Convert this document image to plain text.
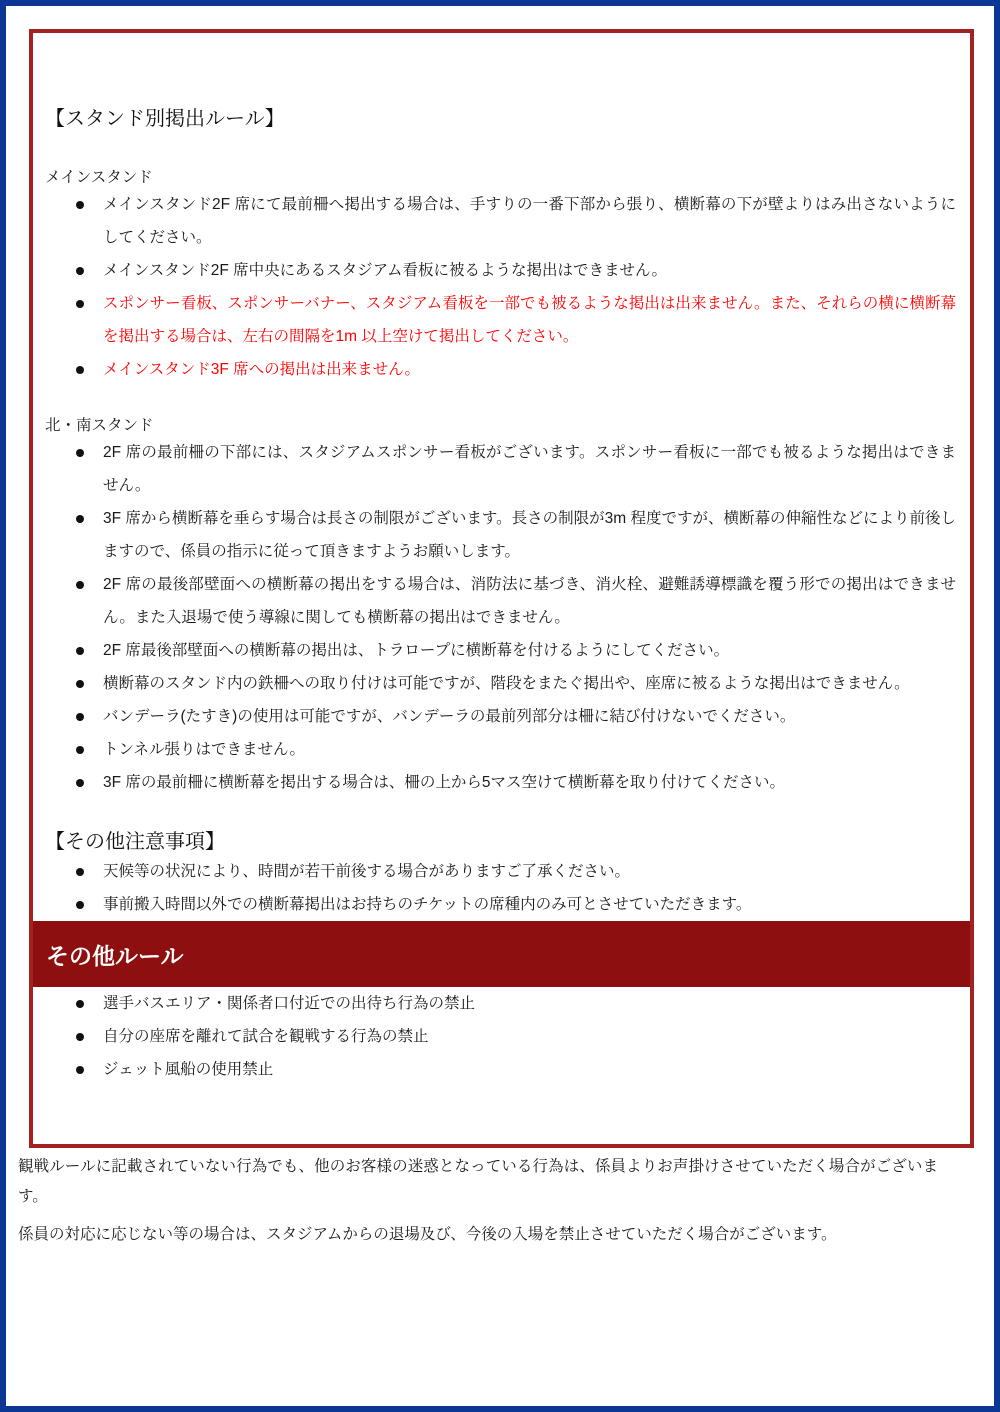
【スタンド別掲出ルール】
メインスタンド
メインスタンド2F 席にて最前柵へ掲出する場合は、手すりの一番下部から張り、横断幕の下が壁よりはみ出さないようにしてください。
メインスタンド2F 席中央にあるスタジアム看板に被るような掲出はできません。
スポンサー看板、スポンサーバナー、スタジアム看板を一部でも被るような掲出は出来ません。また、それらの横に横断幕を掲出する場合は、左右の間隔を1m 以上空けて掲出してください。
メインスタンド3F 席への掲出は出来ません。
北・南スタンド
2F 席の最前柵の下部には、スタジアムスポンサー看板がございます。スポンサー看板に一部でも被るような掲出はできません。
3F 席から横断幕を垂らす場合は長さの制限がございます。長さの制限が3m 程度ですが、横断幕の伸縮性などにより前後しますので、係員の指示に従って頂きますようお願いします。
2F 席の最後部壁面への横断幕の掲出をする場合は、消防法に基づき、消火栓、避難誘導標識を覆う形での掲出はできません。また入退場で使う導線に関しても横断幕の掲出はできません。
2F 席最後部壁面への横断幕の掲出は、トラロープに横断幕を付けるようにしてください。
横断幕のスタンド内の鉄柵への取り付けは可能ですが、階段をまたぐ掲出や、座席に被るような掲出はできません。
バンデーラ(たすき)の使用は可能ですが、バンデーラの最前列部分は柵に結び付けないでください。
トンネル張りはできません。
3F 席の最前柵に横断幕を掲出する場合は、柵の上から5マス空けて横断幕を取り付けてください。
【その他注意事項】
天候等の状況により、時間が若干前後する場合がありますご了承ください。
事前搬入時間以外での横断幕掲出はお持ちのチケットの席種内のみ可とさせていただきます。
その他ルール
選手バスエリア・関係者口付近での出待ち行為の禁止
自分の座席を離れて試合を観戦する行為の禁止
ジェット風船の使用禁止

観戦ルールに記載されていない行為でも、他のお客様の迷惑となっている行為は、係員よりお声掛けさせていただく場合がございます。

係員の対応に応じない等の場合は、スタジアムからの退場及び、今後の入場を禁止させていただく場合がございます。
